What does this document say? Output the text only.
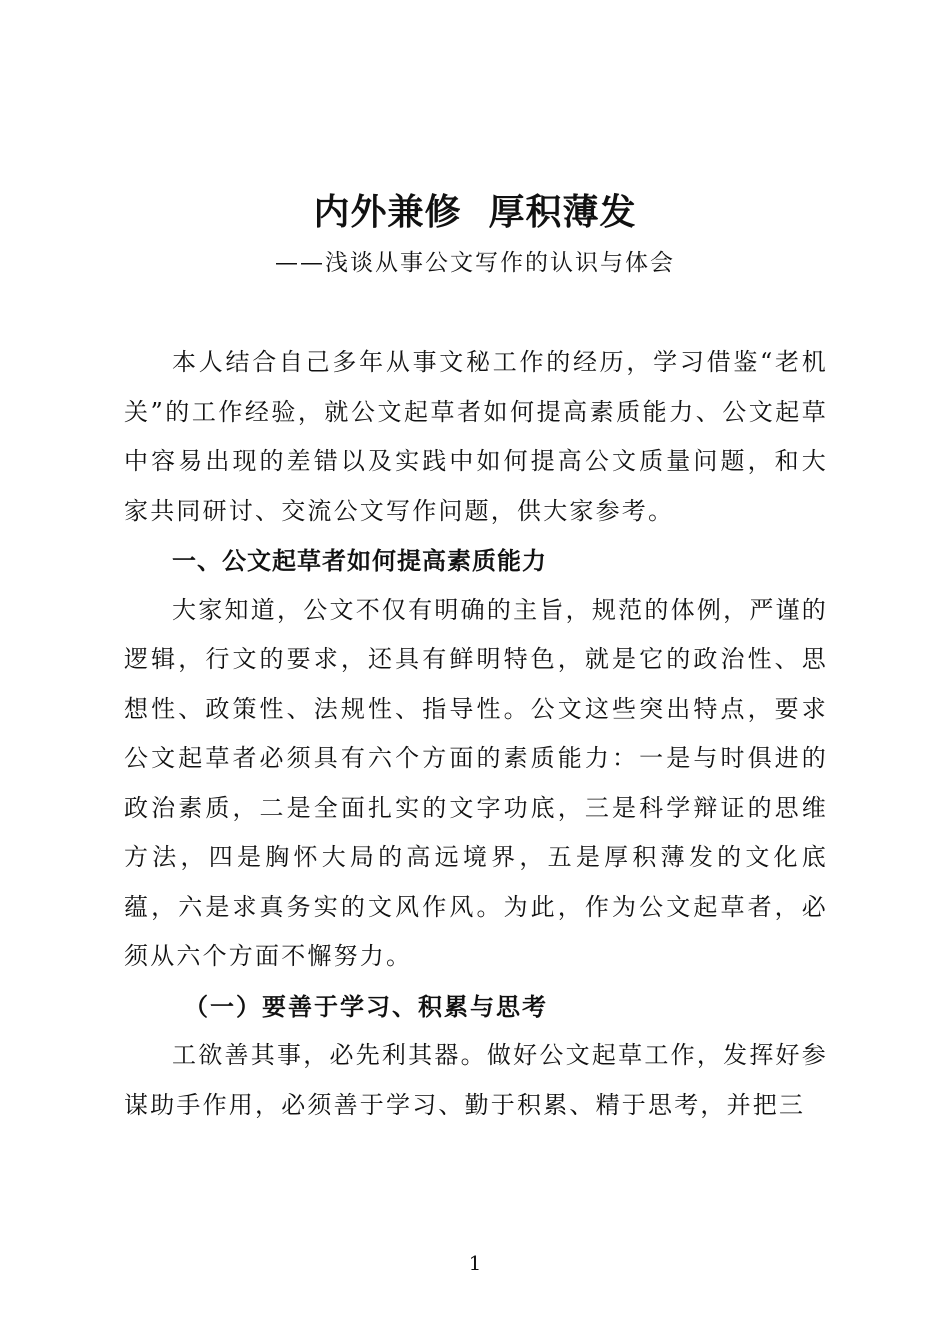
内外兼修  厚积薄发
——浅谈从事公文写作的认识与体会

本人结合自己多年从事文秘工作的经历，学习借鉴“老机关”的工作经验，就公文起草者如何提高素质能力、公文起草中容易出现的差错以及实践中如何提高公文质量问题，和大家共同研讨、交流公文写作问题，供大家参考。

一、公文起草者如何提高素质能力

大家知道，公文不仅有明确的主旨，规范的体例，严谨的逻辑，行文的要求，还具有鲜明特色，就是它的政治性、思想性、政策性、法规性、指导性。公文这些突出特点，要求公文起草者必须具有六个方面的素质能力：一是与时俱进的政治素质，二是全面扎实的文字功底，三是科学辩证的思维方法，四是胸怀大局的高远境界，五是厚积薄发的文化底蕴，六是求真务实的文风作风。为此，作为公文起草者，必须从六个方面不懈努力。

（一）要善于学习、积累与思考

工欲善其事，必先利其器。做好公文起草工作，发挥好参谋助手作用，必须善于学习、勤于积累、精于思考，并把三

1
